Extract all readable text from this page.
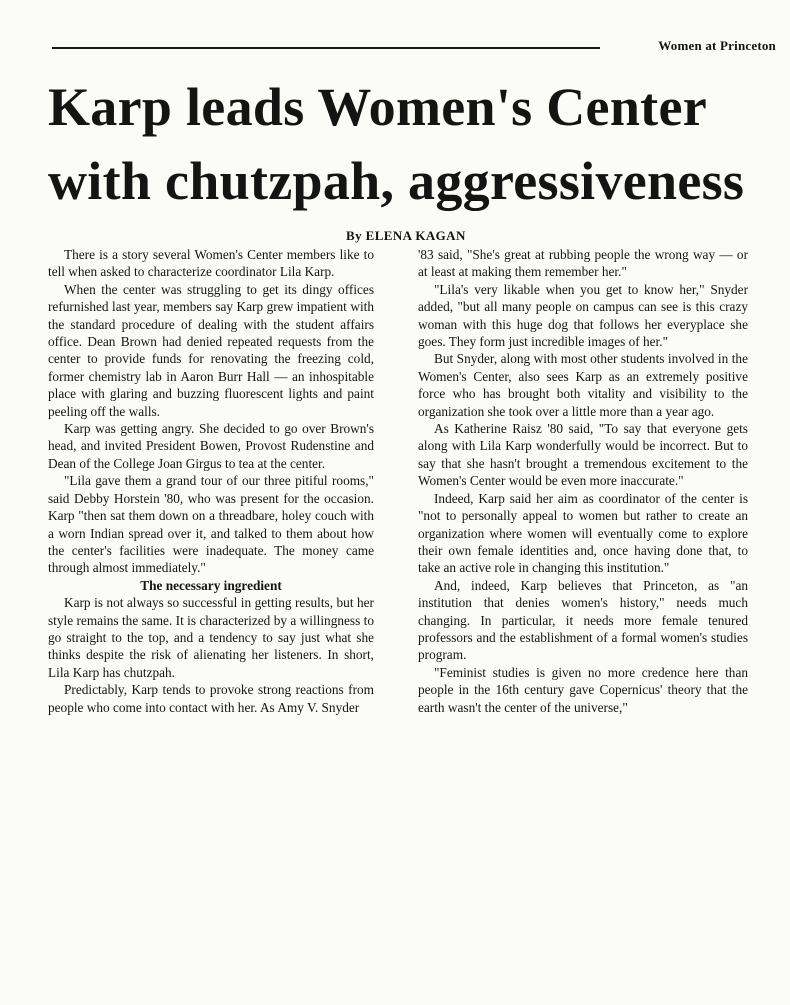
Women at Princeton
Karp leads Women's Center
with chutzpah, aggressiveness
By ELENA KAGAN

There is a story several Women's Center members like to tell when asked to characterize coordinator Lila Karp.

When the center was struggling to get its dingy offices refurnished last year, members say Karp grew impatient with the standard procedure of dealing with the student affairs office. Dean Brown had denied repeated requests from the center to provide funds for renovating the freezing cold, former chemistry lab in Aaron Burr Hall — an inhospitable place with glaring and buzzing fluorescent lights and paint peeling off the walls.

Karp was getting angry. She decided to go over Brown's head, and invited President Bowen, Provost Rudenstine and Dean of the College Joan Girgus to tea at the center.

"Lila gave them a grand tour of our three pitiful rooms," said Debby Horstein '80, who was present for the occasion. Karp "then sat them down on a threadbare, holey couch with a worn Indian spread over it, and talked to them about how the center's facilities were inadequate. The money came through almost immediately."

The necessary ingredient

Karp is not always so successful in getting results, but her style remains the same. It is characterized by a willingness to go straight to the top, and a tendency to say just what she thinks despite the risk of alienating her listeners. In short, Lila Karp has chutzpah.

Predictably, Karp tends to provoke strong reactions from people who come into contact with her. As Amy V. Snyder

'83 said, "She's great at rubbing people the wrong way — or at least at making them remember her."

"Lila's very likable when you get to know her," Snyder added, "but all many people on campus can see is this crazy woman with this huge dog that follows her everyplace she goes. They form just incredible images of her."

But Snyder, along with most other students involved in the Women's Center, also sees Karp as an extremely positive force who has brought both vitality and visibility to the organization she took over a little more than a year ago.

As Katherine Raisz '80 said, "To say that everyone gets along with Lila Karp wonderfully would be incorrect. But to say that she hasn't brought a tremendous excitement to the Women's Center would be even more inaccurate."

Indeed, Karp said her aim as coordinator of the center is "not to personally appeal to women but rather to create an organization where women will eventually come to explore their own female identities and, once having done that, to take an active role in changing this institution."

And, indeed, Karp believes that Princeton, as "an institution that denies women's history," needs much changing. In particular, it needs more female tenured professors and the establishment of a formal women's studies program.

"Feminist studies is given no more credence here than people in the 16th century gave Copernicus' theory that the earth wasn't the center of the universe,"
